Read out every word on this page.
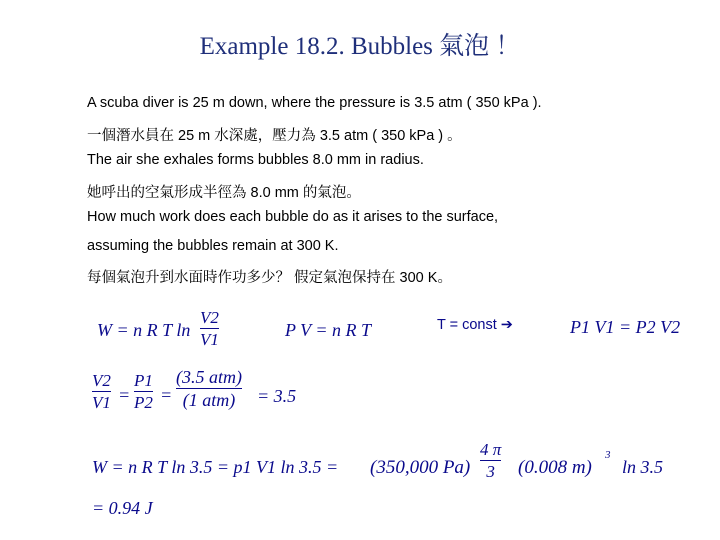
Example 18.2. Bubbles 氣泡 ！
A scuba diver is 25 m down, where the pressure is 3.5 atm ( 350 kPa ).
一個潛水員在 25 m 水深處，壓力為 3.5 atm ( 350 kPa ) 。
The air she exhales forms bubbles 8.0 mm in radius.
她呼出的空氣形成半徑為 8.0 mm 的氣泡。
How much work does each bubble do as it arises to the surface,
assuming the bubbles remain at 300 K.
每個氣泡升到水面時作功多少？ 假定氣泡保持在 300 K。
W = n R T ln
V2
V1	P V = n R T	T = const ➔	P1 V1 = P2 V2
V2
V1 =
P1
P2 =
(3.5 atm)
(1 atm) = 3.5
W = n R T ln 3.5 = p1 V1 ln 3.5 = (350,000 Pa)
4 π
3 (0.008 m)
3
ln 3.5
= 0.94 J
